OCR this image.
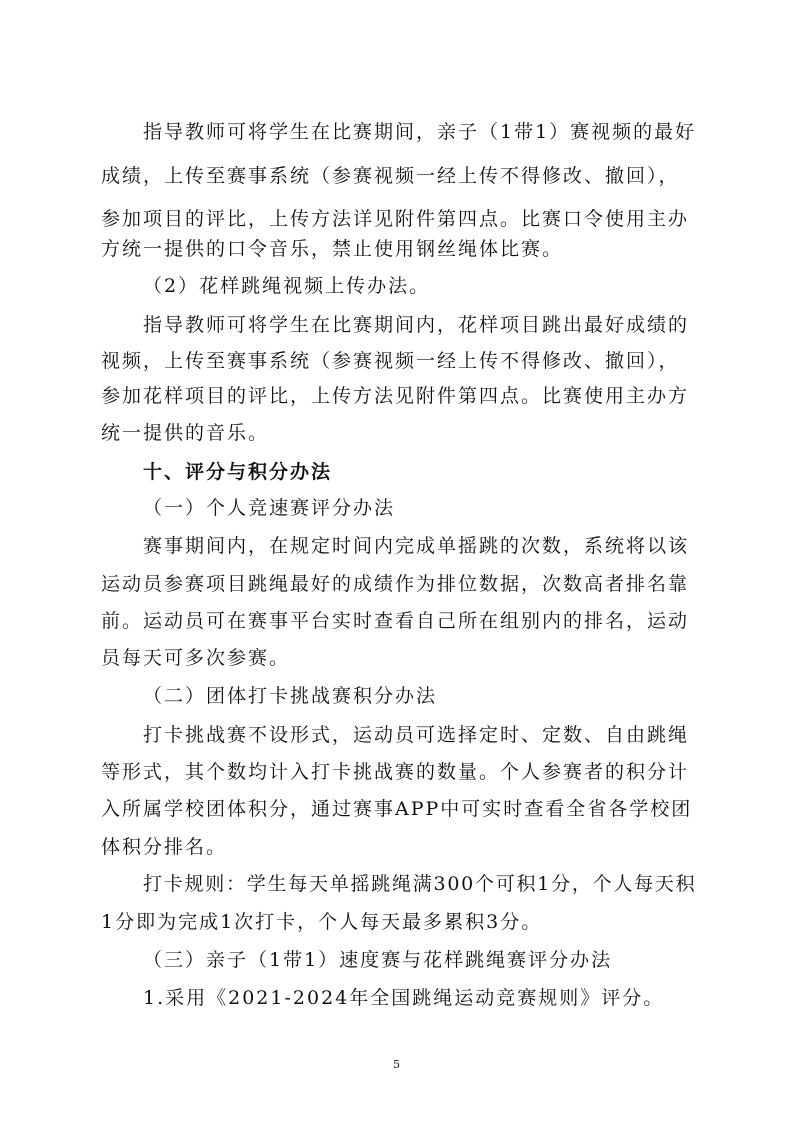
指导教师可将学生在比赛期间，亲子（1带1）赛视频的最好
成绩，上传至赛事系统（参赛视频一经上传不得修改、撤回），
参加项目的评比，上传方法详见附件第四点。比赛口令使用主办
方统一提供的口令音乐，禁止使用钢丝绳体比赛。
（2）花样跳绳视频上传办法。
指导教师可将学生在比赛期间内，花样项目跳出最好成绩的
视频，上传至赛事系统（参赛视频一经上传不得修改、撤回），
参加花样项目的评比，上传方法见附件第四点。比赛使用主办方
统一提供的音乐。
十、评分与积分办法
（一）个人竞速赛评分办法
赛事期间内，在规定时间内完成单摇跳的次数，系统将以该
运动员参赛项目跳绳最好的成绩作为排位数据，次数高者排名靠
前。运动员可在赛事平台实时查看自己所在组别内的排名，运动
员每天可多次参赛。
（二）团体打卡挑战赛积分办法
打卡挑战赛不设形式，运动员可选择定时、定数、自由跳绳
等形式，其个数均计入打卡挑战赛的数量。个人参赛者的积分计
入所属学校团体积分，通过赛事APP中可实时查看全省各学校团
体积分排名。
打卡规则：学生每天单摇跳绳满300个可积1分，个人每天积
1分即为完成1次打卡，个人每天最多累积3分。
（三）亲子（1带1）速度赛与花样跳绳赛评分办法
1.采用《2021-2024年全国跳绳运动竞赛规则》评分。
5
